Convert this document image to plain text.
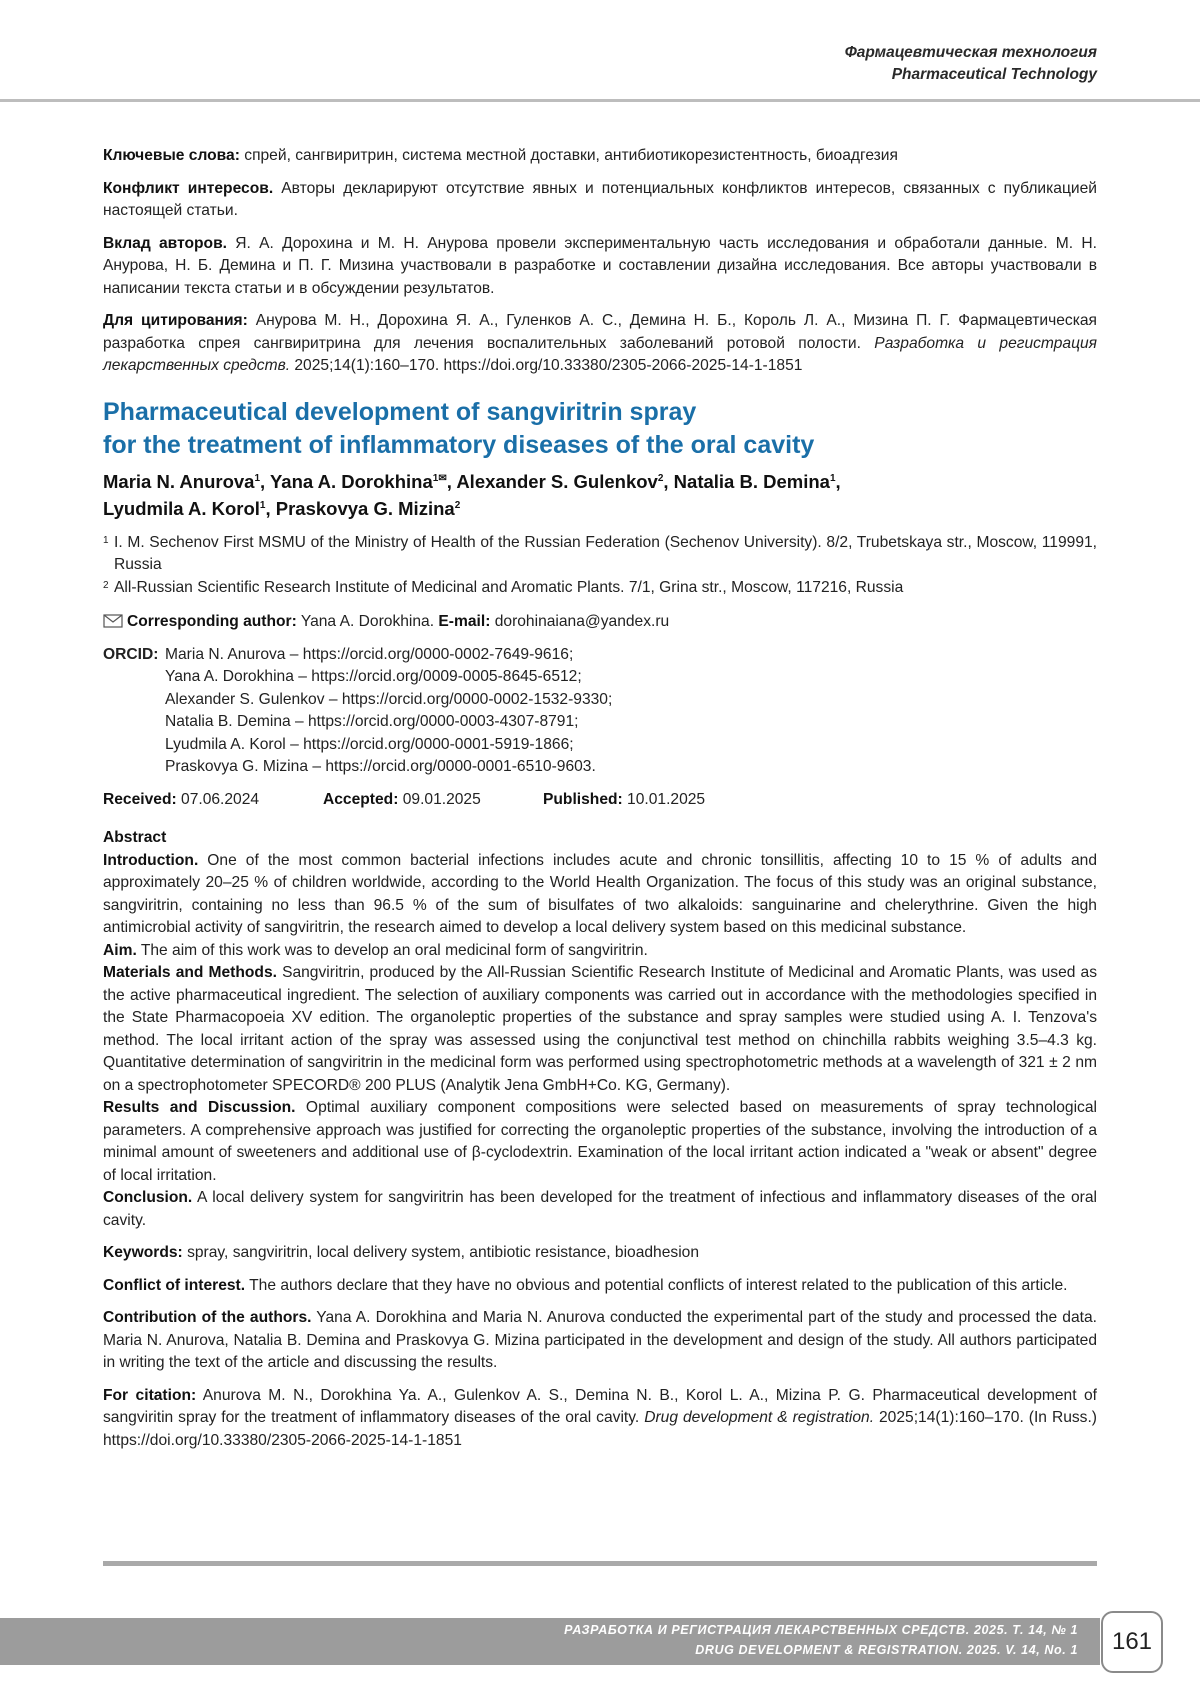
Фармацевтическая технология
Pharmaceutical Technology

Ключевые слова: спрей, сангвиритрин, система местной доставки, антибиотикорезистентность, биоадгезия

Конфликт интересов. Авторы декларируют отсутствие явных и потенциальных конфликтов интересов, связанных с публикацией настоящей статьи.

Вклад авторов. Я. А. Дорохина и М. Н. Анурова провели экспериментальную часть исследования и обработали данные. М. Н. Анурова, Н. Б. Демина и П. Г. Мизина участвовали в разработке и составлении дизайна исследования. Все авторы участвовали в написании текста статьи и в обсуждении результатов.

Для цитирования: Анурова М. Н., Дорохина Я. А., Гуленков А. С., Демина Н. Б., Король Л. А., Мизина П. Г. Фармацевтическая разработка спрея сангвиритрина для лечения воспалительных заболеваний ротовой полости. Разработка и регистрация лекарственных средств. 2025;14(1):160–170. https://doi.org/10.33380/2305-2066-2025-14-1-1851

Pharmaceutical development of sangviritrin spray
for the treatment of inflammatory diseases of the oral cavity

Maria N. Anurova$^1$, Yana A. Dorokhina$^{1✉}$, Alexander S. Gulenkov$^2$, Natalia B. Demina$^1$,
Lyudmila A. Korol$^1$, Praskovya G. Mizina$^2$

1 I. M. Sechenov First MSMU of the Ministry of Health of the Russian Federation (Sechenov University). 8/2, Trubetskaya str., Moscow, 119991, Russia
2 All-Russian Scientific Research Institute of Medicinal and Aromatic Plants. 7/1, Grina str., Moscow, 117216, Russia

Corresponding author: Yana A. Dorokhina. E-mail: dorohinaiana@yandex.ru

ORCID: Maria N. Anurova – https://orcid.org/0000-0002-7649-9616;
Yana A. Dorokhina – https://orcid.org/0009-0005-8645-6512;
Alexander S. Gulenkov – https://orcid.org/0000-0002-1532-9330;
Natalia B. Demina – https://orcid.org/0000-0003-4307-8791;
Lyudmila A. Korol – https://orcid.org/0000-0001-5919-1866;
Praskovya G. Mizina – https://orcid.org/0000-0001-6510-9603.
Received: 07.06.2024	Accepted: 09.01.2025	Published: 10.01.2025

Abstract

Introduction. One of the most common bacterial infections includes acute and chronic tonsillitis, affecting 10 to 15 % of adults and approximately 20–25 % of children worldwide, according to the World Health Organization. The focus of this study was an original substance, sangviritrin, containing no less than 96.5 % of the sum of bisulfates of two alkaloids: sanguinarine and chelerythrine. Given the high antimicrobial activity of sangviritrin, the research aimed to develop a local delivery system based on this medicinal substance.

Aim. The aim of this work was to develop an oral medicinal form of sangviritrin.

Materials and Methods. Sangviritrin, produced by the All-Russian Scientific Research Institute of Medicinal and Aromatic Plants, was used as the active pharmaceutical ingredient. The selection of auxiliary components was carried out in accordance with the methodologies specified in the State Pharmacopoeia XV edition. The organoleptic properties of the substance and spray samples were studied using A. I. Tenzova's method. The local irritant action of the spray was assessed using the conjunctival test method on chinchilla rabbits weighing 3.5–4.3 kg. Quantitative determination of sangviritrin in the medicinal form was performed using spectrophotometric methods at a wavelength of 321 ± 2 nm on a spectrophotometer SPECORD® 200 PLUS (Analytik Jena GmbH+Co. KG, Germany).

Results and Discussion. Optimal auxiliary component compositions were selected based on measurements of spray technological parameters. A comprehensive approach was justified for correcting the organoleptic properties of the substance, involving the introduction of a minimal amount of sweeteners and additional use of β-cyclodextrin. Examination of the local irritant action indicated a "weak or absent" degree of local irritation.

Conclusion. A local delivery system for sangviritrin has been developed for the treatment of infectious and inflammatory diseases of the oral cavity.

Keywords: spray, sangviritrin, local delivery system, antibiotic resistance, bioadhesion

Conflict of interest. The authors declare that they have no obvious and potential conflicts of interest related to the publication of this article.

Contribution of the authors. Yana A. Dorokhina and Maria N. Anurova conducted the experimental part of the study and processed the data. Maria N. Anurova, Natalia B. Demina and Praskovya G. Mizina participated in the development and design of the study. All authors participated in writing the text of the article and discussing the results.

For citation: Anurova M. N., Dorokhina Ya. A., Gulenkov A. S., Demina N. B., Korol L. A., Mizina P. G. Pharmaceutical development of sangviritin spray for the treatment of inflammatory diseases of the oral cavity. Drug development & registration. 2025;14(1):160–170. (In Russ.) https://doi.org/10.33380/2305-2066-2025-14-1-1851

РАЗРАБОТКА И РЕГИСТРАЦИЯ ЛЕКАРСТВЕННЫХ СРЕДСТВ. 2025. Т. 14, № 1
DRUG DEVELOPMENT & REGISTRATION. 2025. V. 14, No. 1	161
